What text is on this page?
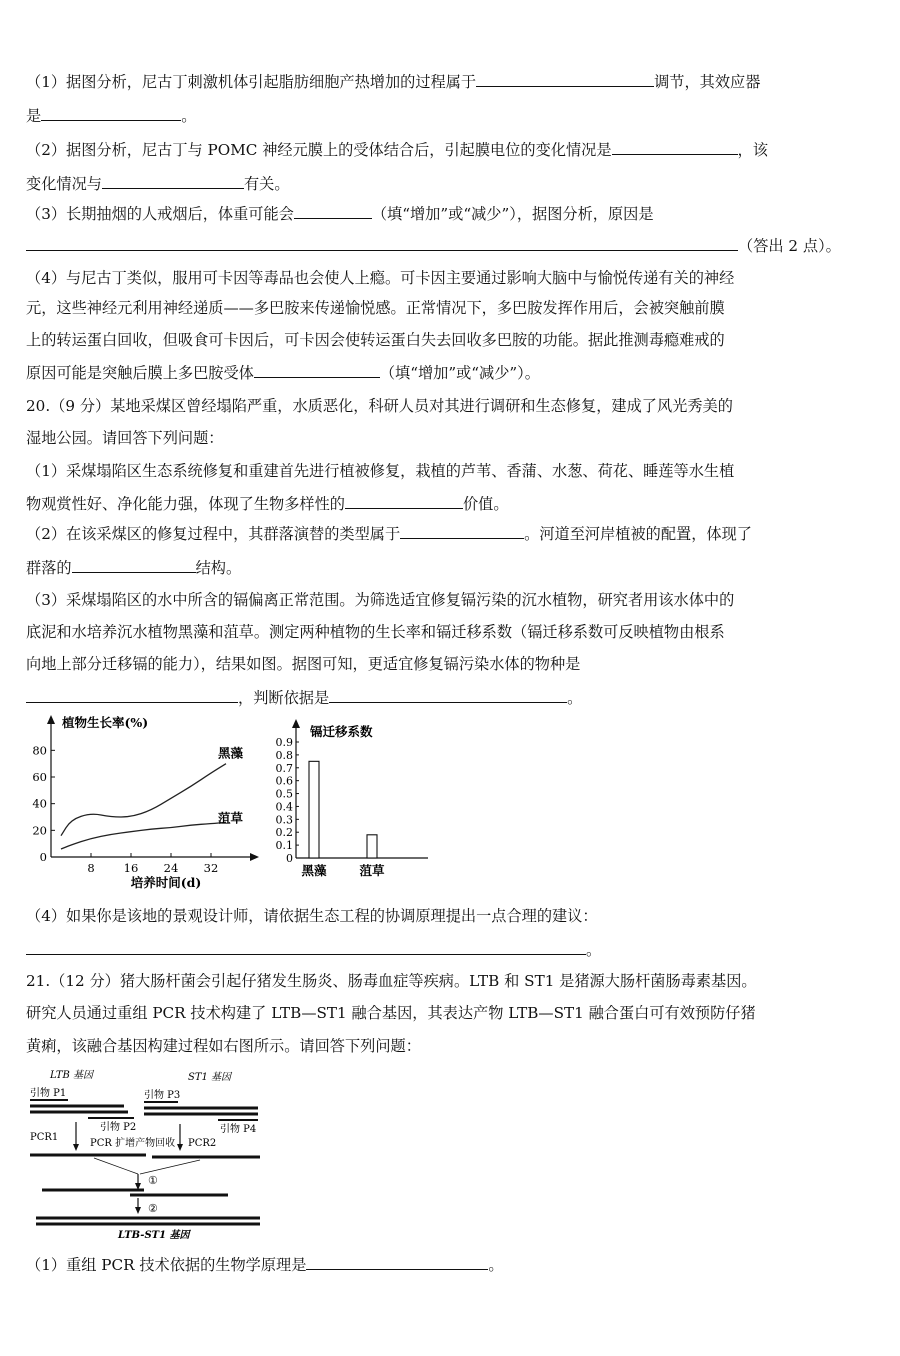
（1）据图分析，尼古丁刺激机体引起脂肪细胞产热增加的过程属于	调节，其效应器
是	。
（2）据图分析，尼古丁与 POMC 神经元膜上的受体结合后，引起膜电位的变化情况是	，该
变化情况与	有关。
（3）长期抽烟的人戒烟后，体重可能会	（填“增加”或“减少”），据图分析，原因是
（答出 2 点）。
（4）与尼古丁类似，服用可卡因等毒品也会使人上瘾。可卡因主要通过影响大脑中与愉悦传递有关的神经
元，这些神经元利用神经递质——多巴胺来传递愉悦感。正常情况下，多巴胺发挥作用后，会被突触前膜
上的转运蛋白回收，但吸食可卡因后，可卡因会使转运蛋白失去回收多巴胺的功能。据此推测毒瘾难戒的
原因可能是突触后膜上多巴胺受体	（填“增加”或“减少”）。
20.（9 分）某地采煤区曾经塌陷严重，水质恶化，科研人员对其进行调研和生态修复，建成了风光秀美的
湿地公园。请回答下列问题：
（1）采煤塌陷区生态系统修复和重建首先进行植被修复，栽植的芦苇、香蒲、水葱、荷花、睡莲等水生植
物观赏性好、净化能力强，体现了生物多样性的	价值。
（2）在该采煤区的修复过程中，其群落演替的类型属于	。河道至河岸植被的配置，体现了
群落的	结构。
（3）采煤塌陷区的水中所含的镉偏离正常范围。为筛选适宜修复镉污染的沉水植物，研究者用该水体中的
底泥和水培养沉水植物黑藻和菹草。测定两种植物的生长率和镉迁移系数（镉迁移系数可反映植物由根系
向地上部分迁移镉的能力），结果如图。据图可知，更适宜修复镉污染水体的物种是
，判断依据是	。
植物生长率(%)
培养时间(d)
0
20
40
60
80
8	16 24 32
黑藻
菹草
镉迁移系数
0
0.1
0.2
0.3
0.4
0.5
0.6
0.7
0.8
0.9
黑藻	菹草
（4）如果你是该地的景观设计师，请依据生态工程的协调原理提出一点合理的建议：
。
21.（12 分）猪大肠杆菌会引起仔猪发生肠炎、肠毒血症等疾病。LTB 和 ST1 是猪源大肠杆菌肠毒素基因。
研究人员通过重组 PCR 技术构建了 LTB—ST1 融合基因，其表达产物 LTB—ST1 融合蛋白可有效预防仔猪
黄痢，该融合基因构建过程如右图所示。请回答下列问题：
LTB 基因	ST1 基因
引物 P1	引物 P3
引物 P2	引物 P4
PCR1
PCR 扩增产物回收 PCR2
①
②
LTB-ST1 基因
（1）重组 PCR 技术依据的生物学原理是	。
